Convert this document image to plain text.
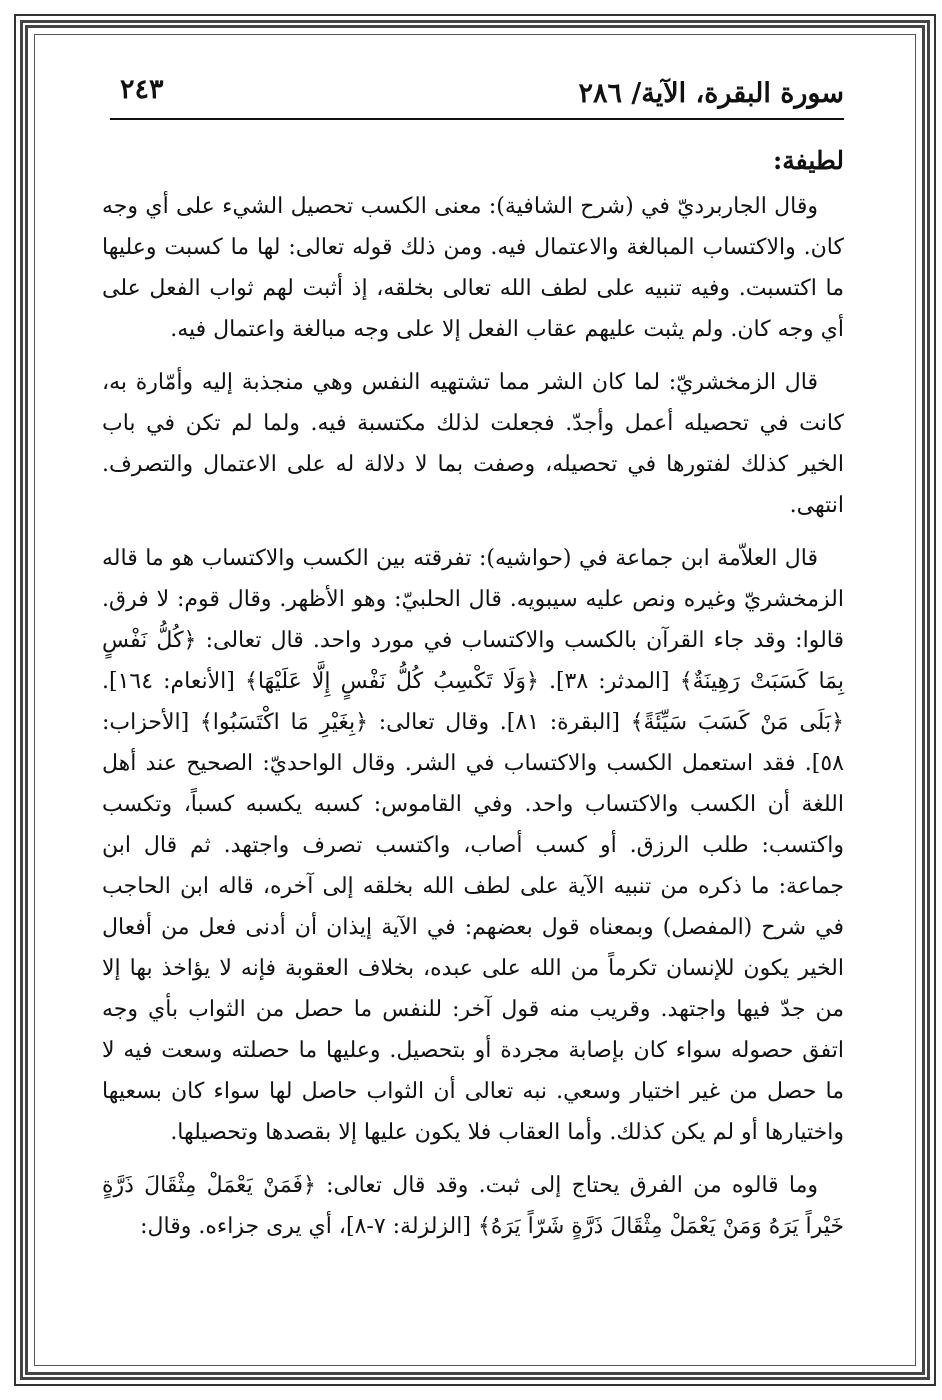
سورة البقرة، الآية/ ٢٨٦
٢٤٣
لطيفة:

وقال الجاربرديّ في (شرح الشافية): معنى الكسب تحصيل الشيء على أي وجه كان. والاكتساب المبالغة والاعتمال فيه. ومن ذلك قوله تعالى: لها ما كسبت وعليها ما اكتسبت. وفيه تنبيه على لطف الله تعالى بخلقه، إذ أثبت لهم ثواب الفعل على أي وجه كان. ولم يثبت عليهم عقاب الفعل إلا على وجه مبالغة واعتمال فيه.

قال الزمخشريّ: لما كان الشر مما تشتهيه النفس وهي منجذبة إليه وأمّارة به، كانت في تحصيله أعمل وأجدّ. فجعلت لذلك مكتسبة فيه. ولما لم تكن في باب الخير كذلك لفتورها في تحصيله، وصفت بما لا دلالة له على الاعتمال والتصرف. انتهى.

قال العلاّمة ابن جماعة في (حواشيه): تفرقته بين الكسب والاكتساب هو ما قاله الزمخشريّ وغيره ونص عليه سيبويه. قال الحلبيّ: وهو الأظهر. وقال قوم: لا فرق. قالوا: وقد جاء القرآن بالكسب والاكتساب في مورد واحد. قال تعالى: ﴿كُلُّ نَفْسٍ بِمَا كَسَبَتْ رَهِينَةٌ﴾ [المدثر: ٣٨]. ﴿وَلَا تَكْسِبُ كُلُّ نَفْسٍ إِلَّا عَلَيْهَا﴾ [الأنعام: ١٦٤]. ﴿بَلَى مَنْ كَسَبَ سَيِّئَةً﴾ [البقرة: ٨١]. وقال تعالى: ﴿بِغَيْرِ مَا اكْتَسَبُوا﴾ [الأحزاب: ٥٨]. فقد استعمل الكسب والاكتساب في الشر. وقال الواحديّ: الصحيح عند أهل اللغة أن الكسب والاكتساب واحد. وفي القاموس: كسبه يكسبه كسباً، وتكسب واكتسب: طلب الرزق. أو كسب أصاب، واكتسب تصرف واجتهد. ثم قال ابن جماعة: ما ذكره من تنبيه الآية على لطف الله بخلقه إلى آخره، قاله ابن الحاجب في شرح (المفصل) وبمعناه قول بعضهم: في الآية إيذان أن أدنى فعل من أفعال الخير يكون للإنسان تكرماً من الله على عبده، بخلاف العقوبة فإنه لا يؤاخذ بها إلا من جدّ فيها واجتهد. وقريب منه قول آخر: للنفس ما حصل من الثواب بأي وجه اتفق حصوله سواء كان بإصابة مجردة أو بتحصيل. وعليها ما حصلته وسعت فيه لا ما حصل من غير اختيار وسعي. نبه تعالى أن الثواب حاصل لها سواء كان بسعيها واختيارها أو لم يكن كذلك. وأما العقاب فلا يكون عليها إلا بقصدها وتحصيلها.

وما قالوه من الفرق يحتاج إلى ثبت. وقد قال تعالى: ﴿فَمَنْ يَعْمَلْ مِثْقَالَ ذَرَّةٍ خَيْراً يَرَهُ وَمَنْ يَعْمَلْ مِثْقَالَ ذَرَّةٍ شَرّاً يَرَهُ﴾ [الزلزلة: ٧-٨]، أي يرى جزاءه. وقال:
